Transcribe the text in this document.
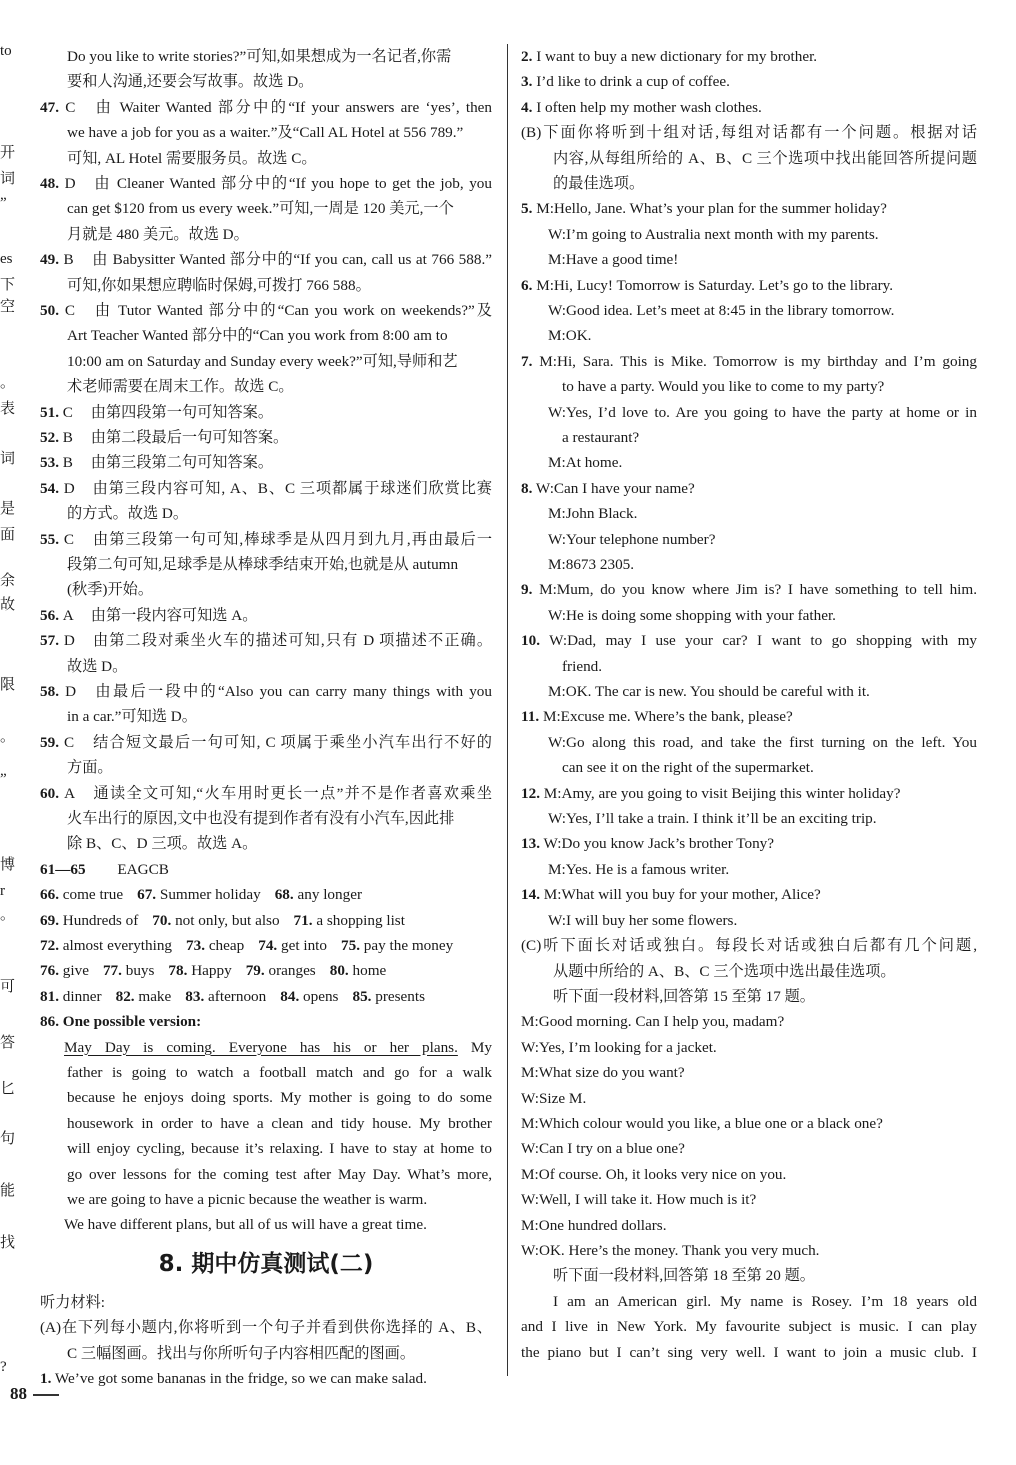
to
开
词
”
es
下
空
。
表
词
是
面
余
故
限
。
”
博
r
。
可
答
匕
句
能
找
?
Do you like to write stories?”可知,如果想成为一名记者,你需
要和人沟通,还要会写故事。故选 D。
47. C 由 Waiter Wanted 部分中的“If your answers are ‘yes’, then
we have a job for you as a waiter.”及“Call AL Hotel at 556 789.”
可知, AL Hotel 需要服务员。故选 C。
48. D 由 Cleaner Wanted 部分中的“If you hope to get the job, you
can get $120 from us every week.”可知,一周是 120 美元,一个
月就是 480 美元。故选 D。
49. B 由 Babysitter Wanted 部分中的“If you can, call us at 766 588.”
可知,你如果想应聘临时保姆,可拨打 766 588。
50. C 由 Tutor Wanted 部分中的“Can you work on weekends?”及
Art Teacher Wanted 部分中的“Can you work from 8:00 am to
10:00 am on Saturday and Sunday every week?”可知,导师和艺
术老师需要在周末工作。故选 C。
51. C 由第四段第一句可知答案。
52. B 由第二段最后一句可知答案。
53. B 由第三段第二句可知答案。
54. D 由第三段内容可知, A、B、C 三项都属于球迷们欣赏比赛
的方式。故选 D。
55. C 由第三段第一句可知,棒球季是从四月到九月,再由最后一
段第二句可知,足球季是从棒球季结束开始,也就是从 autumn
(秋季)开始。
56. A 由第一段内容可知选 A。
57. D 由第二段对乘坐火车的描述可知,只有 D 项描述不正确。
故选 D。
58. D 由最后一段中的“Also you can carry many things with you
in a car.”可知选 D。
59. C 结合短文最后一句可知, C 项属于乘坐小汽车出行不好的
方面。
60. A 通读全文可知,“火车用时更长一点”并不是作者喜欢乘坐
火车出行的原因,文中也没有提到作者有没有小汽车,因此排
除 B、C、D 三项。故选 A。
61—65 EAGCB
66. come true 67. Summer holiday 68. any longer
69. Hundreds of 70. not only, but also 71. a shopping list
72. almost everything 73. cheap 74. get into 75. pay the money
76. give 77. buys 78. Happy 79. oranges 80. home
81. dinner 82. make 83. afternoon 84. opens 85. presents
86. One possible version:
May Day is coming. Everyone has his or her plans. My
father is going to watch a football match and go for a walk
because he enjoys doing sports. My mother is going to do some
housework in order to have a clean and tidy house. My brother
will enjoy cycling, because it’s relaxing. I have to stay at home to
go over lessons for the coming test after May Day. What’s more,
we are going to have a picnic because the weather is warm.
We have different plans, but all of us will have a great time.
8. 期中仿真测试(二)
听力材料:
(A)在下列每小题内,你将听到一个句子并看到供你选择的 A、B、
C 三幅图画。找出与你所听句子内容相匹配的图画。
1. We’ve got some bananas in the fridge, so we can make salad.
2. I want to buy a new dictionary for my brother.
3. I’d like to drink a cup of coffee.
4. I often help my mother wash clothes.
(B)下面你将听到十组对话,每组对话都有一个问题。根据对话
内容,从每组所给的 A、B、C 三个选项中找出能回答所提问题
的最佳选项。
5. M:Hello, Jane. What’s your plan for the summer holiday?
W:I’m going to Australia next month with my parents.
M:Have a good time!
6. M:Hi, Lucy! Tomorrow is Saturday. Let’s go to the library.
W:Good idea. Let’s meet at 8:45 in the library tomorrow.
M:OK.
7. M:Hi, Sara. This is Mike. Tomorrow is my birthday and I’m going
to have a party. Would you like to come to my party?
W:Yes, I’d love to. Are you going to have the party at home or in
a restaurant?
M:At home.
8. W:Can I have your name?
M:John Black.
W:Your telephone number?
M:8673 2305.
9. M:Mum, do you know where Jim is? I have something to tell him.
W:He is doing some shopping with your father.
10. W:Dad, may I use your car? I want to go shopping with my
friend.
M:OK. The car is new. You should be careful with it.
11. M:Excuse me. Where’s the bank, please?
W:Go along this road, and take the first turning on the left. You
can see it on the right of the supermarket.
12. M:Amy, are you going to visit Beijing this winter holiday?
W:Yes, I’ll take a train. I think it’ll be an exciting trip.
13. W:Do you know Jack’s brother Tony?
M:Yes. He is a famous writer.
14. M:What will you buy for your mother, Alice?
W:I will buy her some flowers.
(C)听下面长对话或独白。每段长对话或独白后都有几个问题,
从题中所给的 A、B、C 三个选项中选出最佳选项。
听下面一段材料,回答第 15 至第 17 题。
M:Good morning. Can I help you, madam?
W:Yes, I’m looking for a jacket.
M:What size do you want?
W:Size M.
M:Which colour would you like, a blue one or a black one?
W:Can I try on a blue one?
M:Of course. Oh, it looks very nice on you.
W:Well, I will take it. How much is it?
M:One hundred dollars.
W:OK. Here’s the money. Thank you very much.
听下面一段材料,回答第 18 至第 20 题。
I am an American girl. My name is Rosey. I’m 18 years old
and I live in New York. My favourite subject is music. I can play
the piano but I can’t sing very well. I want to join a music club. I
88
